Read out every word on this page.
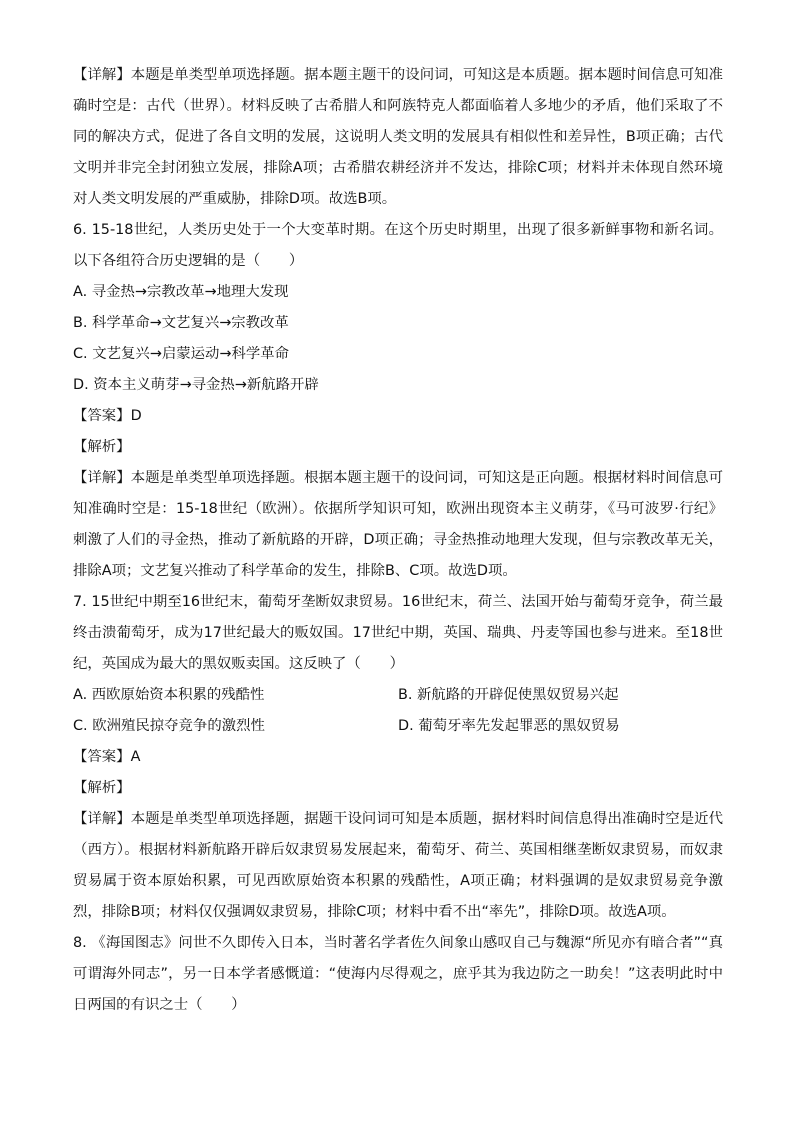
【详解】本题是单类型单项选择题。据本题主题干的设问词，可知这是本质题。据本题时间信息可知准确时空是：古代（世界）。材料反映了古希腊人和阿族特克人都面临着人多地少的矛盾，他们采取了不同的解决方式，促进了各自文明的发展，这说明人类文明的发展具有相似性和差异性，B项正确；古代文明并非完全封闭独立发展，排除A项；古希腊农耕经济并不发达，排除C项；材料并未体现自然环境对人类文明发展的严重威胁，排除D项。故选B项。

6. 15-18世纪，人类历史处于一个大变革时期。在这个历史时期里，出现了很多新鲜事物和新名词。以下各组符合历史逻辑的是（　　）

A. 寻金热→宗教改革→地理大发现
B. 科学革命→文艺复兴→宗教改革
C. 文艺复兴→启蒙运动→科学革命
D. 资本主义萌芽→寻金热→新航路开辟
【答案】D
【解析】

【详解】本题是单类型单项选择题。根据本题主题干的设问词，可知这是正向题。根据材料时间信息可知准确时空是：15-18世纪（欧洲）。依据所学知识可知，欧洲出现资本主义萌芽，《马可波罗·行纪》刺激了人们的寻金热，推动了新航路的开辟，D项正确；寻金热推动地理大发现，但与宗教改革无关，排除A项；文艺复兴推动了科学革命的发生，排除B、C项。故选D项。

7. 15世纪中期至16世纪末，葡萄牙垄断奴隶贸易。16世纪末，荷兰、法国开始与葡萄牙竞争，荷兰最终击溃葡萄牙，成为17世纪最大的贩奴国。17世纪中期，英国、瑞典、丹麦等国也参与进来。至18世纪，英国成为最大的黑奴贩卖国。这反映了（　　）

A. 西欧原始资本积累的残酷性	B. 新航路的开辟促使黑奴贸易兴起
C. 欧洲殖民掠夺竞争的激烈性	D. 葡萄牙率先发起罪恶的黑奴贸易
【答案】A
【解析】

【详解】本题是单类型单项选择题，据题干设问词可知是本质题，据材料时间信息得出准确时空是近代（西方）。根据材料新航路开辟后奴隶贸易发展起来，葡萄牙、荷兰、英国相继垄断奴隶贸易，而奴隶贸易属于资本原始积累，可见西欧原始资本积累的残酷性，A项正确；材料强调的是奴隶贸易竞争激烈，排除B项；材料仅仅强调奴隶贸易，排除C项；材料中看不出“率先”，排除D项。故选A项。

8. 《海国图志》问世不久即传入日本，当时著名学者佐久间象山感叹自己与魏源“所见亦有暗合者”“真可谓海外同志”，另一日本学者感慨道：“使海内尽得观之，庶乎其为我边防之一助矣！”这表明此时中日两国的有识之士（　　）
